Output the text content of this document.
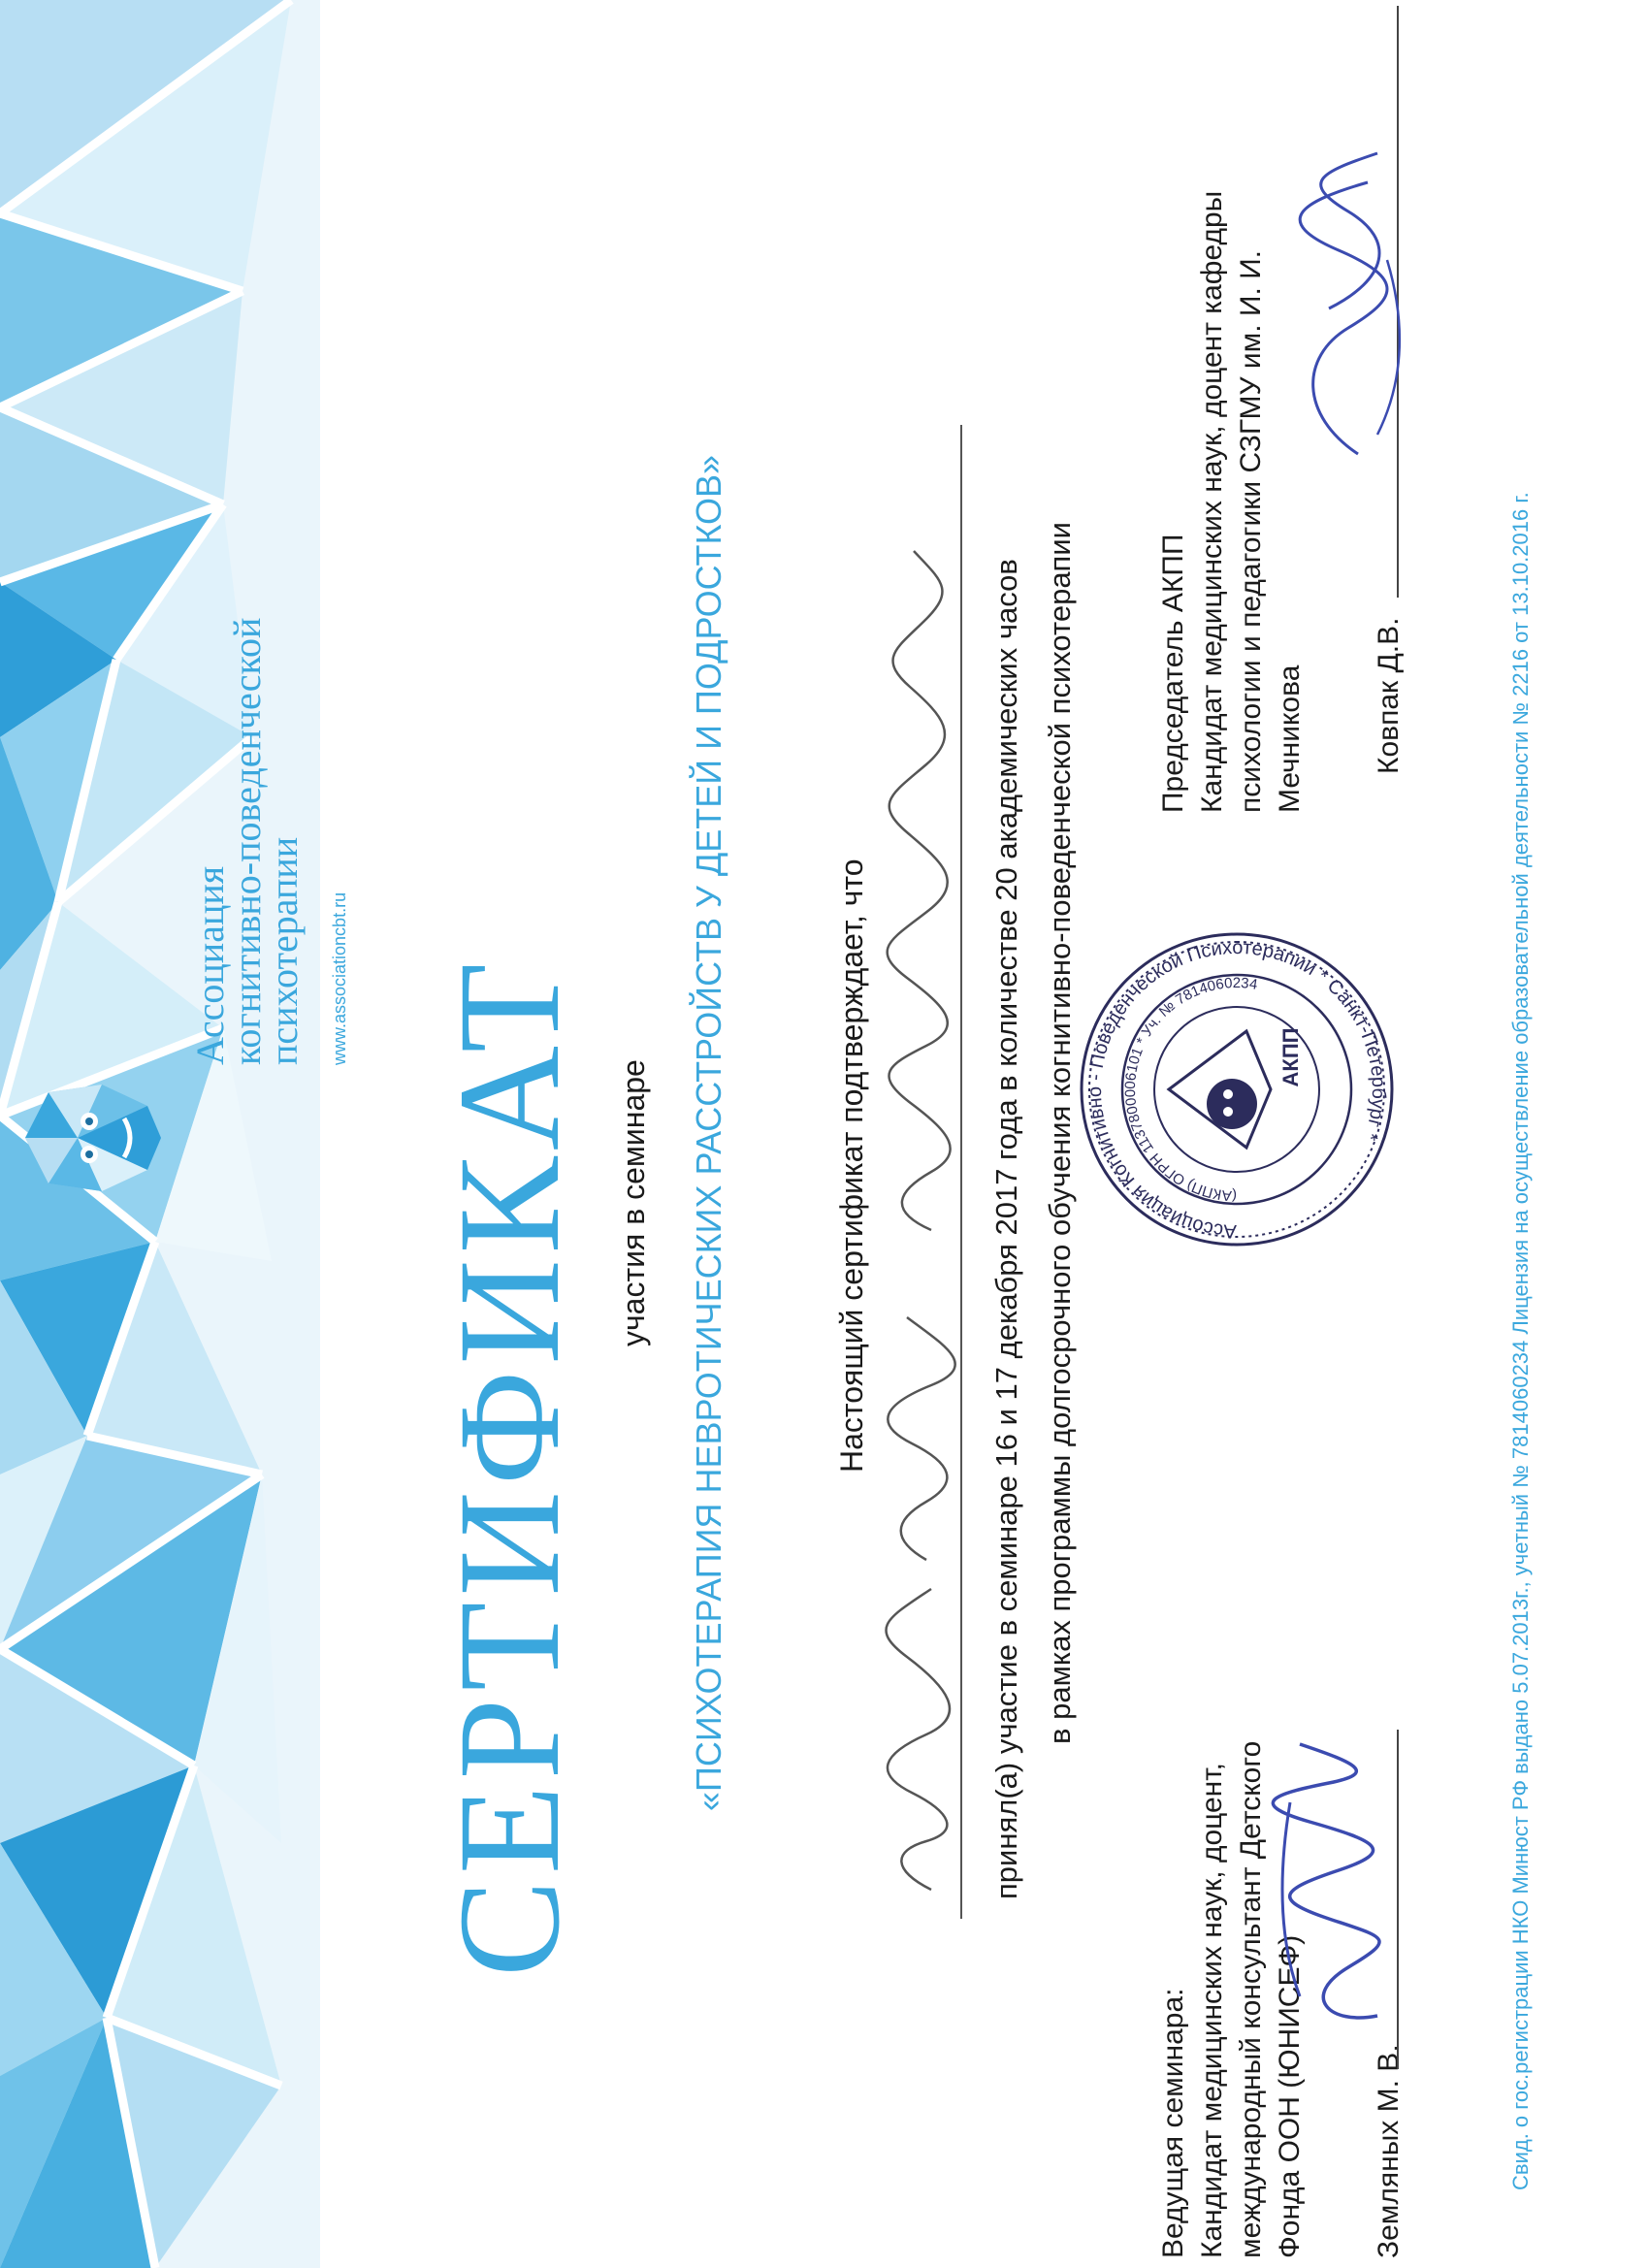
Ассоциация
когнитивно-поведенческой
психотерапии www.associationcbt.ru СЕРТИФИКАТ участия в семинаре «ПСИХОТЕРАПИЯ НЕВРОТИЧЕСКИХ РАССТРОЙСТВ У ДЕТЕЙ И ПОДРОСТКОВ»	Настоящий сертификат подтверждает, что	принял(а) участие в семинаре 16 и 17 декабря 2017 года в количестве 20 академических часов в рамках программы долгосрочного обучения когнитивно-поведенческой психотерапии
Ведущая семинара: Кандидат медицинских наук, доцент, международный консультант Детского Фонда ООН (ЮНИСЕФ) Земляных М. В.
Ассоциация Когнитивно - Поведенческой Психотерапии * Санкт-Петербург *
(АКПП) ОГРН 1137800006101 * Уч. № 7814060234
АКПП
Председатель АКПП Кандидат медицинских наук, доцент кафедры психологии и педагогики СЗГМУ им. И. И. Мечникова Ковпак Д.В.	Свид. о гос.регистрации НКО Минюст РФ выдано 5.07.2013г., учетный № 7814060234 Лицензия на осуществление образовательной деятельности № 2216 от 13.10.2016 г.
